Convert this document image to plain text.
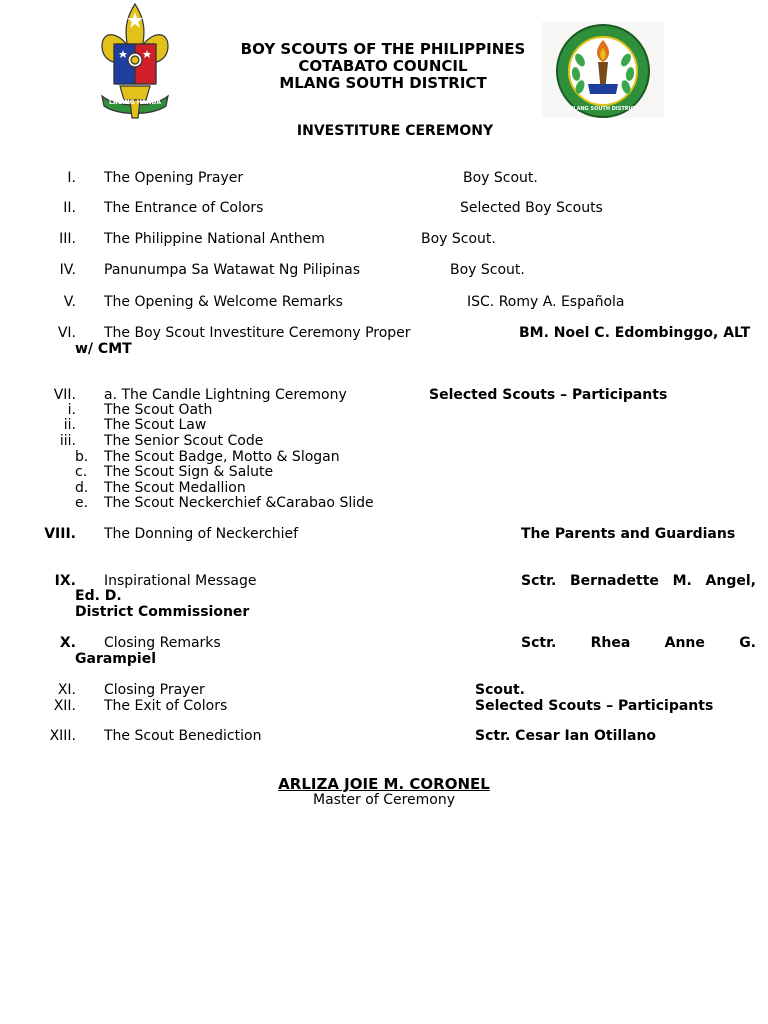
LAGING HANDA
MLANG SOUTH DISTRICT
BOY SCOUTS OF THE PHILIPPINES
COTABATO COUNCIL
MLANG SOUTH DISTRICT
INVESTITURE CEREMONY
I. The Opening Prayer	Boy Scout.
II. The Entrance of Colors	Selected Boy Scouts
III. The Philippine National Anthem	Boy Scout.
IV. Panunumpa Sa Watawat Ng Pilipinas	Boy Scout.
V. The Opening & Welcome Remarks	ISC. Romy A. Española
VI. The Boy Scout Investiture Ceremony Proper	BM. Noel C. Edombinggo, ALT
w/ CMT
VII. a. The Candle Lightning Ceremony	Selected Scouts – Participants
i. The Scout Oath
ii. The Scout Law
iii. The Senior Scout Code
b. The Scout Badge, Motto & Slogan
c. The Scout Sign & Salute
d. The Scout Medallion
e. The Scout Neckerchief &Carabao Slide
VIII. The Donning of Neckerchief	The Parents and Guardians
IX. Inspirational Message	Sctr. Bernadette M. Angel,
Ed. D.
District Commissioner
X. Closing Remarks	Sctr. Rhea Anne G.
Garampiel
XI. Closing Prayer	Scout.
XII. The Exit of Colors	Selected Scouts – Participants
XIII. The Scout Benediction	Sctr. Cesar Ian Otillano
ARLIZA JOIE M. CORONEL
Master of Ceremony
